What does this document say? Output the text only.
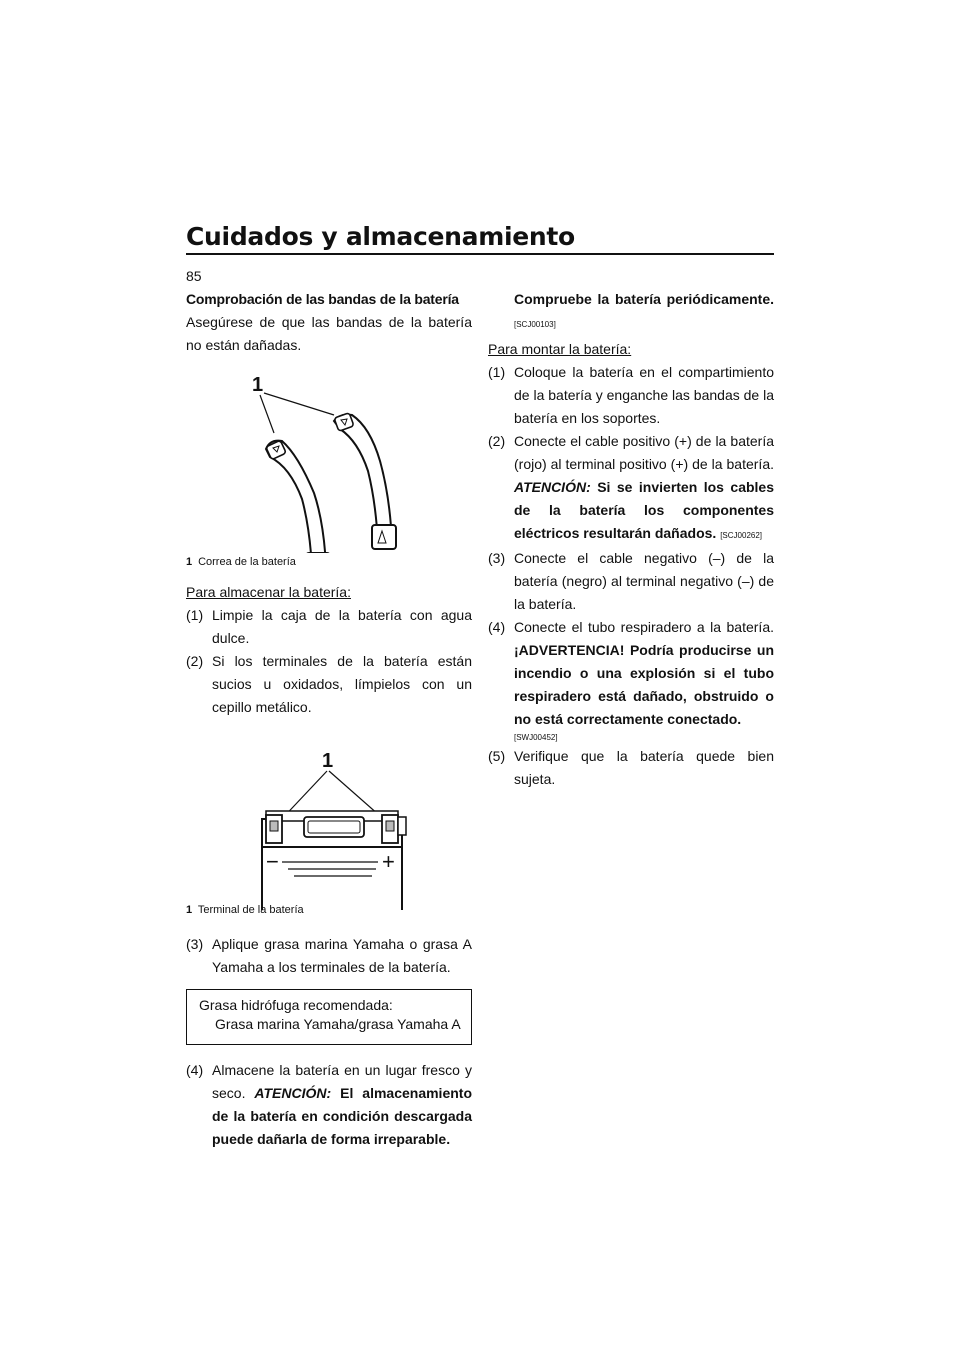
Cuidados y almacenamiento
85
Comprobación de las bandas de la batería
Asegúrese de que las bandas de la batería no están dañadas.
1
1 Correa de la batería
Para almacenar la batería:
(1) Limpie la caja de la batería con agua dulce.
(2) Si los terminales de la batería están sucios u oxidados, límpielos con un cepillo metálico.
1
−	+
1 Terminal de la batería
(3) Aplique grasa marina Yamaha o grasa A Yamaha a los terminales de la batería.
Grasa hidrófuga recomendada:
Grasa marina Yamaha/grasa Yamaha A
(4) Almacene la batería en un lugar fresco y seco. ATENCIÓN: El almacenamiento de la batería en condición descargada puede dañarla de forma irreparable.
Compruebe la batería periódicamente. [SCJ00103]
Para montar la batería:
(1) Coloque la batería en el compartimiento de la batería y enganche las bandas de la batería en los soportes.
(2) Conecte el cable positivo (+) de la batería (rojo) al terminal positivo (+) de la batería. ATENCIÓN: Si se invierten los cables de la batería los componentes eléctricos resultarán dañados. [SCJ00262]
(3) Conecte el cable negativo (–) de la batería (negro) al terminal negativo (–) de la batería.
(4) Conecte el tubo respiradero a la batería. ¡ADVERTENCIA! Podría producirse un incendio o una explosión si el tubo respiradero está dañado, obstruido o no está correctamente conectado.
[SWJ00452]
(5) Verifique que la batería quede bien sujeta.
